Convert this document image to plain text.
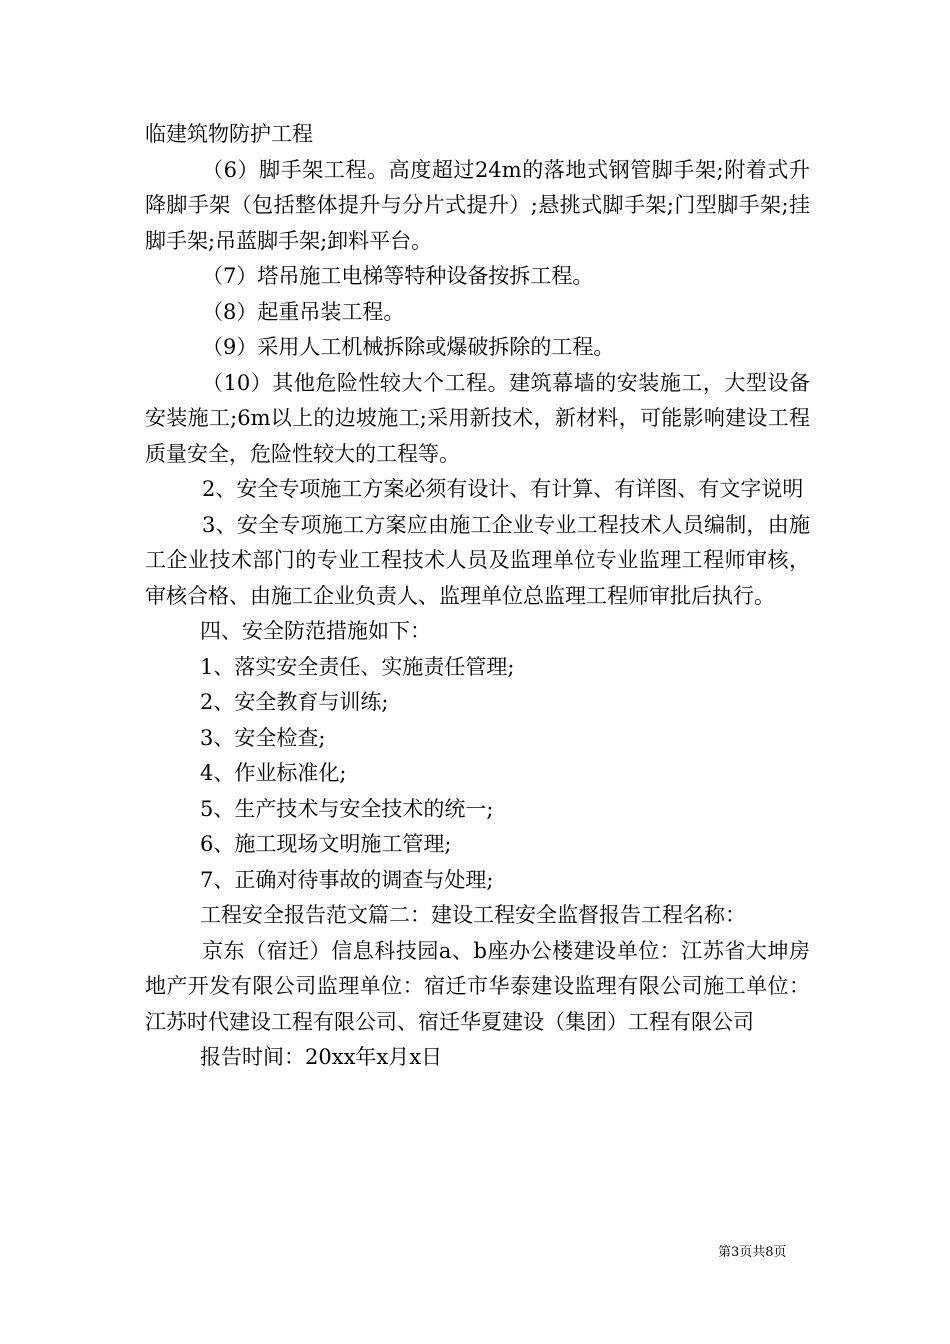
临建筑物防护工程

（6）脚手架工程。高度超过24m的落地式钢管脚手架;附着式升降脚手架（包括整体提升与分片式提升）;悬挑式脚手架;门型脚手架;挂脚手架;吊蓝脚手架;卸料平台。

（7）塔吊施工电梯等特种设备按拆工程。

（8）起重吊装工程。

（9）采用人工机械拆除或爆破拆除的工程。

（10）其他危险性较大个工程。建筑幕墙的安装施工，大型设备安装施工;6m以上的边坡施工;采用新技术，新材料，可能影响建设工程质量安全，危险性较大的工程等。

2、安全专项施工方案必须有设计、有计算、有详图、有文字说明

3、安全专项施工方案应由施工企业专业工程技术人员编制，由施工企业技术部门的专业工程技术人员及监理单位专业监理工程师审核，审核合格、由施工企业负责人、监理单位总监理工程师审批后执行。

四、安全防范措施如下：

1、落实安全责任、实施责任管理;

2、安全教育与训练;

3、安全检查;

4、作业标准化;

5、生产技术与安全技术的统一;

6、施工现场文明施工管理;

7、正确对待事故的调查与处理;

工程安全报告范文篇二：建设工程安全监督报告工程名称：

京东（宿迁）信息科技园a、b座办公楼建设单位：江苏省大坤房地产开发有限公司监理单位：宿迁市华泰建设监理有限公司施工单位：江苏时代建设工程有限公司、宿迁华夏建设（集团）工程有限公司

报告时间：20xx年x月x日

第3页共8页
